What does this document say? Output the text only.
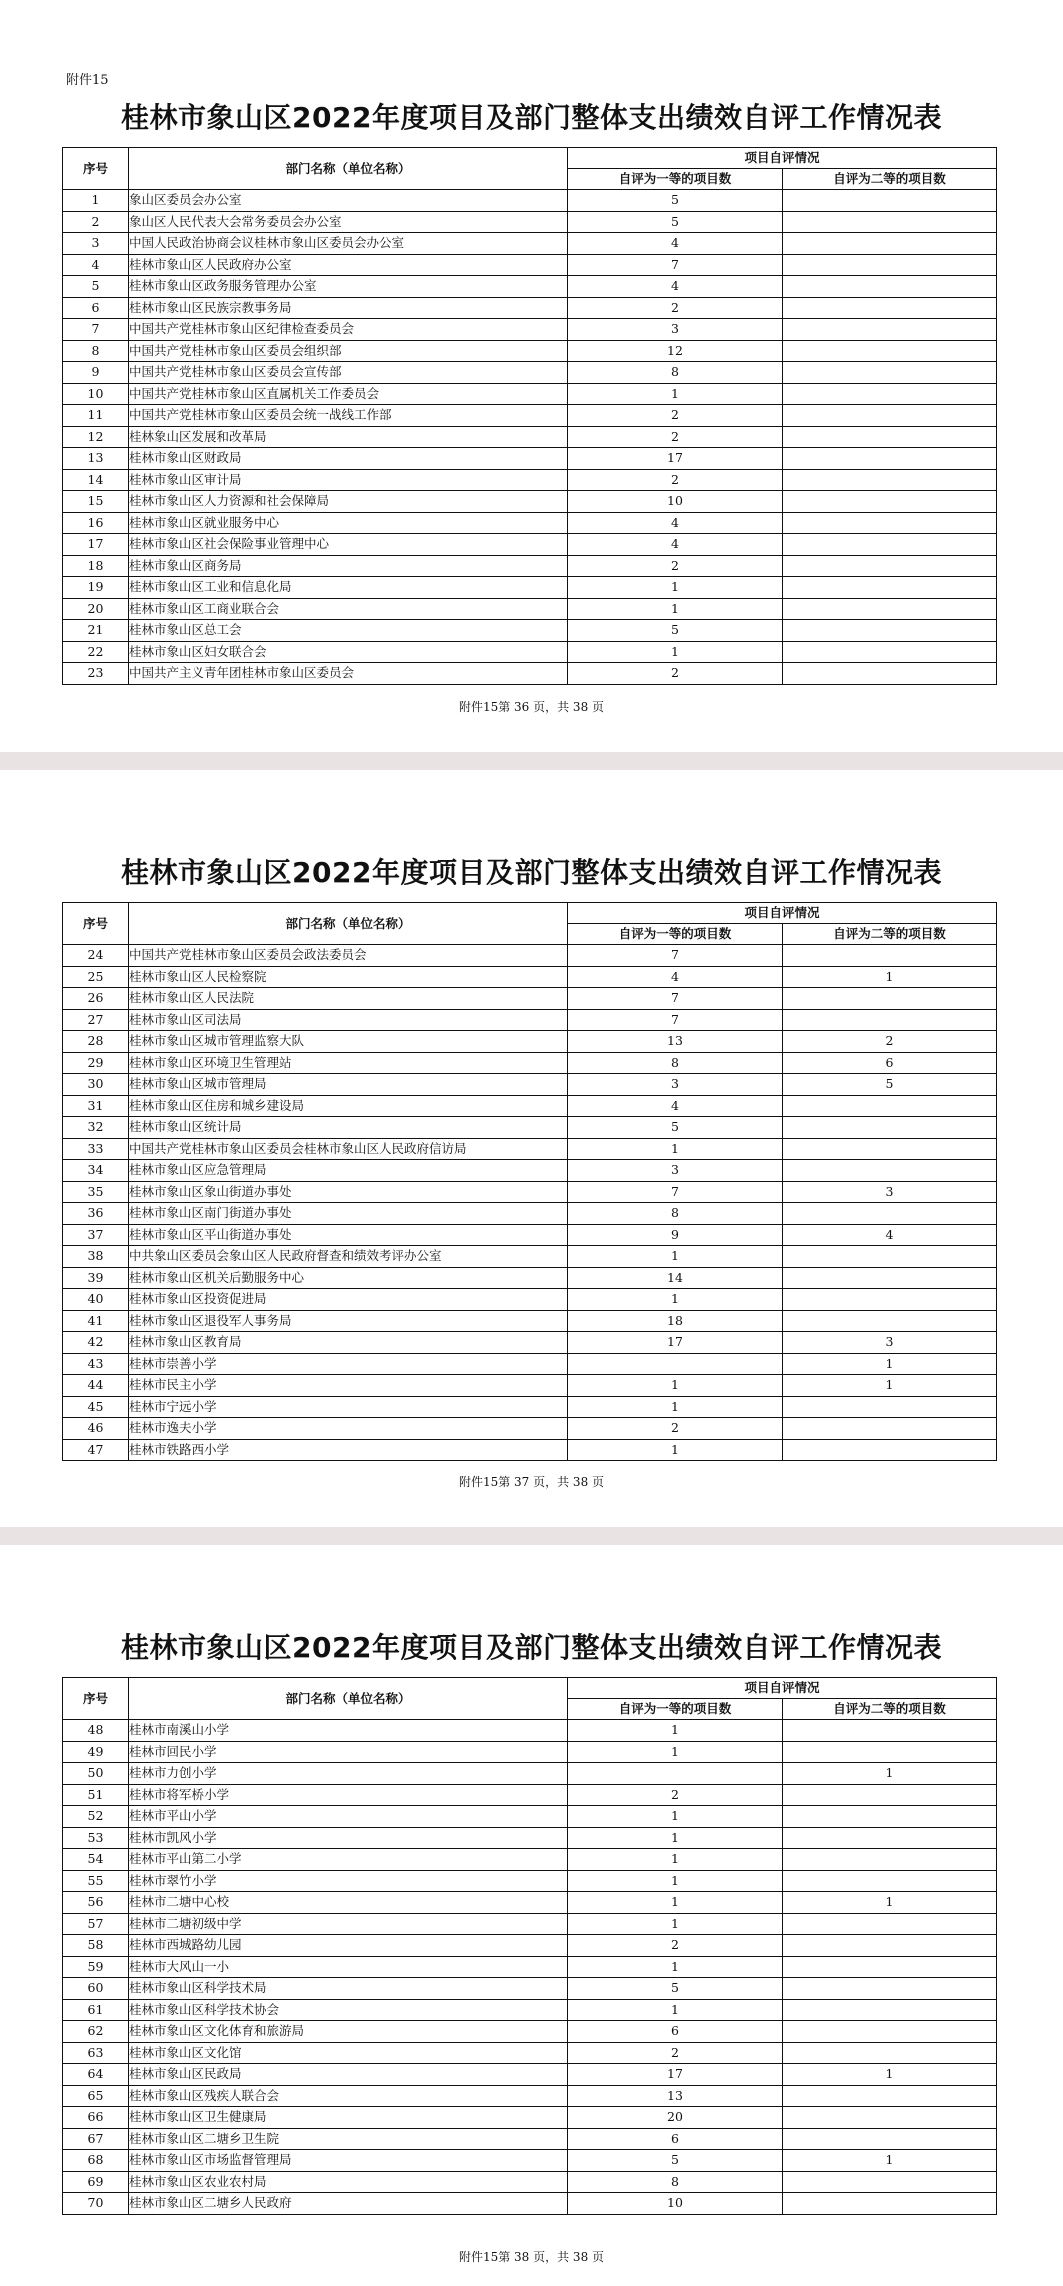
附件15
桂林市象山区2022年度项目及部门整体支出绩效自评工作情况表
序号	部门名称（单位名称）	项目自评情况	
		自评为一等的项目数	自评为二等的项目数
1	象山区委员会办公室	5	
2	象山区人民代表大会常务委员会办公室	5	
3	中国人民政治协商会议桂林市象山区委员会办公室	4	
4	桂林市象山区人民政府办公室	7	
5	桂林市象山区政务服务管理办公室	4	
6	桂林市象山区民族宗教事务局	2	
7	中国共产党桂林市象山区纪律检查委员会	3	
8	中国共产党桂林市象山区委员会组织部	12	
9	中国共产党桂林市象山区委员会宣传部	8	
10	中国共产党桂林市象山区直属机关工作委员会	1	
11	中国共产党桂林市象山区委员会统一战线工作部	2	
12	桂林象山区发展和改革局	2	
13	桂林市象山区财政局	17	
14	桂林市象山区审计局	2	
15	桂林市象山区人力资源和社会保障局	10	
16	桂林市象山区就业服务中心	4	
17	桂林市象山区社会保险事业管理中心	4	
18	桂林市象山区商务局	2	
19	桂林市象山区工业和信息化局	1	
20	桂林市象山区工商业联合会	1	
21	桂林市象山区总工会	5	
22	桂林市象山区妇女联合会	1	
23	中国共产主义青年团桂林市象山区委员会	2	
附件15第 36 页，共 38 页
桂林市象山区2022年度项目及部门整体支出绩效自评工作情况表
序号	部门名称（单位名称）	项目自评情况	
		自评为一等的项目数	自评为二等的项目数
24	中国共产党桂林市象山区委员会政法委员会	7	
25	桂林市象山区人民检察院	4	1
26	桂林市象山区人民法院	7	
27	桂林市象山区司法局	7	
28	桂林市象山区城市管理监察大队	13	2
29	桂林市象山区环境卫生管理站	8	6
30	桂林市象山区城市管理局	3	5
31	桂林市象山区住房和城乡建设局	4	
32	桂林市象山区统计局	5	
33	中国共产党桂林市象山区委员会桂林市象山区人民政府信访局	1	
34	桂林市象山区应急管理局	3	
35	桂林市象山区象山街道办事处	7	3
36	桂林市象山区南门街道办事处	8	
37	桂林市象山区平山街道办事处	9	4
38	中共象山区委员会象山区人民政府督查和绩效考评办公室	1	
39	桂林市象山区机关后勤服务中心	14	
40	桂林市象山区投资促进局	1	
41	桂林市象山区退役军人事务局	18	
42	桂林市象山区教育局	17	3
43	桂林市崇善小学		1
44	桂林市民主小学	1	1
45	桂林市宁远小学	1	
46	桂林市逸夫小学	2	
47	桂林市铁路西小学	1	
附件15第 37 页，共 38 页
桂林市象山区2022年度项目及部门整体支出绩效自评工作情况表
序号	部门名称（单位名称）	项目自评情况	
		自评为一等的项目数	自评为二等的项目数
48	桂林市南溪山小学	1	
49	桂林市回民小学	1	
50	桂林市力创小学		1
51	桂林市将军桥小学	2	
52	桂林市平山小学	1	
53	桂林市凯风小学	1	
54	桂林市平山第二小学	1	
55	桂林市翠竹小学	1	
56	桂林市二塘中心校	1	1
57	桂林市二塘初级中学	1	
58	桂林市西城路幼儿园	2	
59	桂林市大风山一小	1	
60	桂林市象山区科学技术局	5	
61	桂林市象山区科学技术协会	1	
62	桂林市象山区文化体育和旅游局	6	
63	桂林市象山区文化馆	2	
64	桂林市象山区民政局	17	1
65	桂林市象山区残疾人联合会	13	
66	桂林市象山区卫生健康局	20	
67	桂林市象山区二塘乡卫生院	6	
68	桂林市象山区市场监督管理局	5	1
69	桂林市象山区农业农村局	8	
70	桂林市象山区二塘乡人民政府	10	
附件15第 38 页，共 38 页
